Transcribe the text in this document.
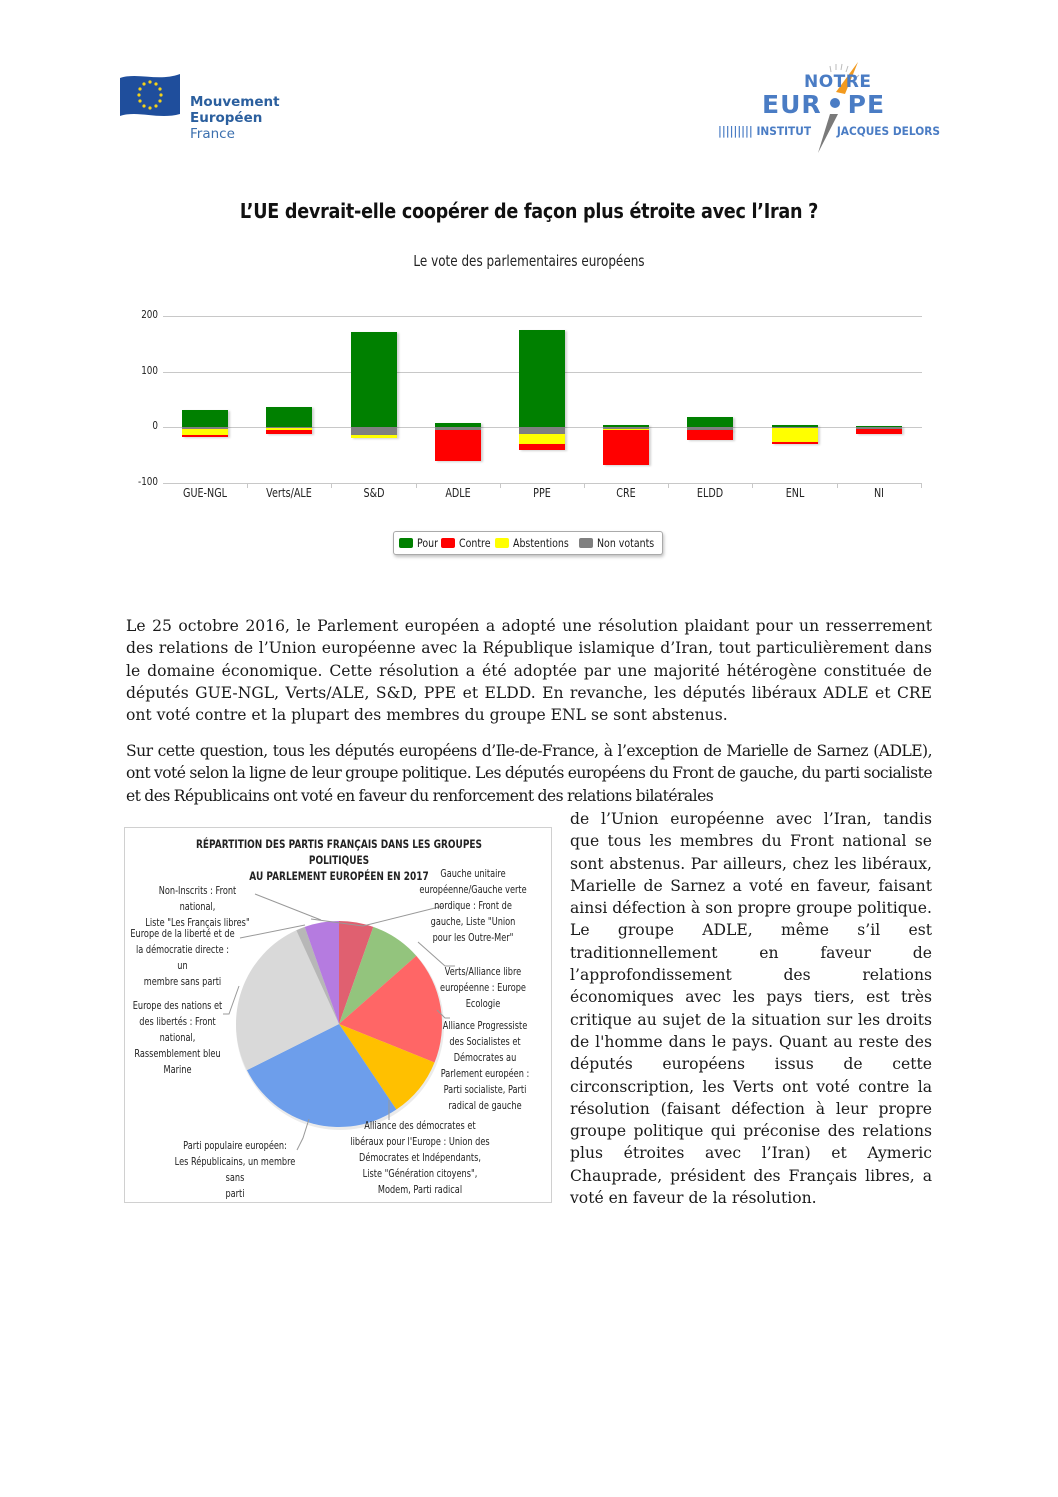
Mouvement
Européen
France
NOTRE
EUR PE
||||||||| INSTITUT JACQUES DELORS
L’UE devrait-elle coopérer de façon plus étroite avec l’Iran ?
Le vote des parlementaires européens
200
100
0
-100
GUE-NGL	Verts/ALE	S&D	ADLE	PPE	CRE	ELDD	ENL	NI
Pour Contre Abstentions Non votants

Le 25 octobre 2016, le Parlement européen a adopté une résolution plaidant pour un resserrement des relations de l’Union européenne avec la République islamique d’Iran, tout particulièrement dans le domaine économique. Cette résolution a été adoptée par une majorité hétérogène constituée de députés GUE-NGL, Verts/ALE, S&D, PPE et ELDD. En revanche, les députés libéraux ADLE et CRE ont voté contre et la plupart des membres du groupe ENL se sont abstenus.

Sur cette question, tous les députés européens d’Ile-de-France, à l’exception de Marielle de Sarnez (ADLE), ont voté selon la ligne de leur groupe politique. Les députés européens du Front de gauche, du parti socialiste et des Républicains ont voté en faveur du renforcement des relations bilatérales

de l’Union européenne avec l’Iran, tandis que tous les membres du Front national se sont abstenus. Par ailleurs, chez les libéraux, Marielle de Sarnez a voté en faveur, faisant ainsi défection à son propre groupe politique. Le groupe ADLE, même s’il est traditionnellement en faveur de l’approfondissement des relations économiques avec les pays tiers, est très critique au sujet de la situation sur les droits de l'homme dans le pays. Quant au reste des députés européens issus de cette circonscription, les Verts ont voté contre la résolution (faisant défection à leur propre groupe politique qui préconise des relations plus étroites avec l’Iran) et Aymeric Chauprade, président des Français libres, a voté en faveur de la résolution.

RÉPARTITION DES PARTIS FRANÇAIS DANS LES GROUPES POLITIQUES
AU PARLEMENT EUROPÉEN EN 2017	Gauche unitaire
européenne/Gauche verte
nordique : Front de
gauche, Liste "Union
pour les Outre-Mer"
Verts/Alliance libre
européenne : Europe
Ecologie
Alliance Progressiste
des Socialistes et
Démocrates au
Parlement européen :
Parti socialiste, Parti
radical de gauche
Alliance des démocrates et
libéraux pour l'Europe : Union des
Démocrates et Indépendants,
Liste "Génération citoyens",
Modem, Parti radical
Parti populaire européen:
Les Républicains, un membre sans
parti
Europe des nations et
des libertés : Front
national,
Rassemblement bleu
Marine
Europe de la liberté et de
la démocratie directe : un
membre sans parti
Non-Inscrits : Front national,
Liste "Les Français libres"
